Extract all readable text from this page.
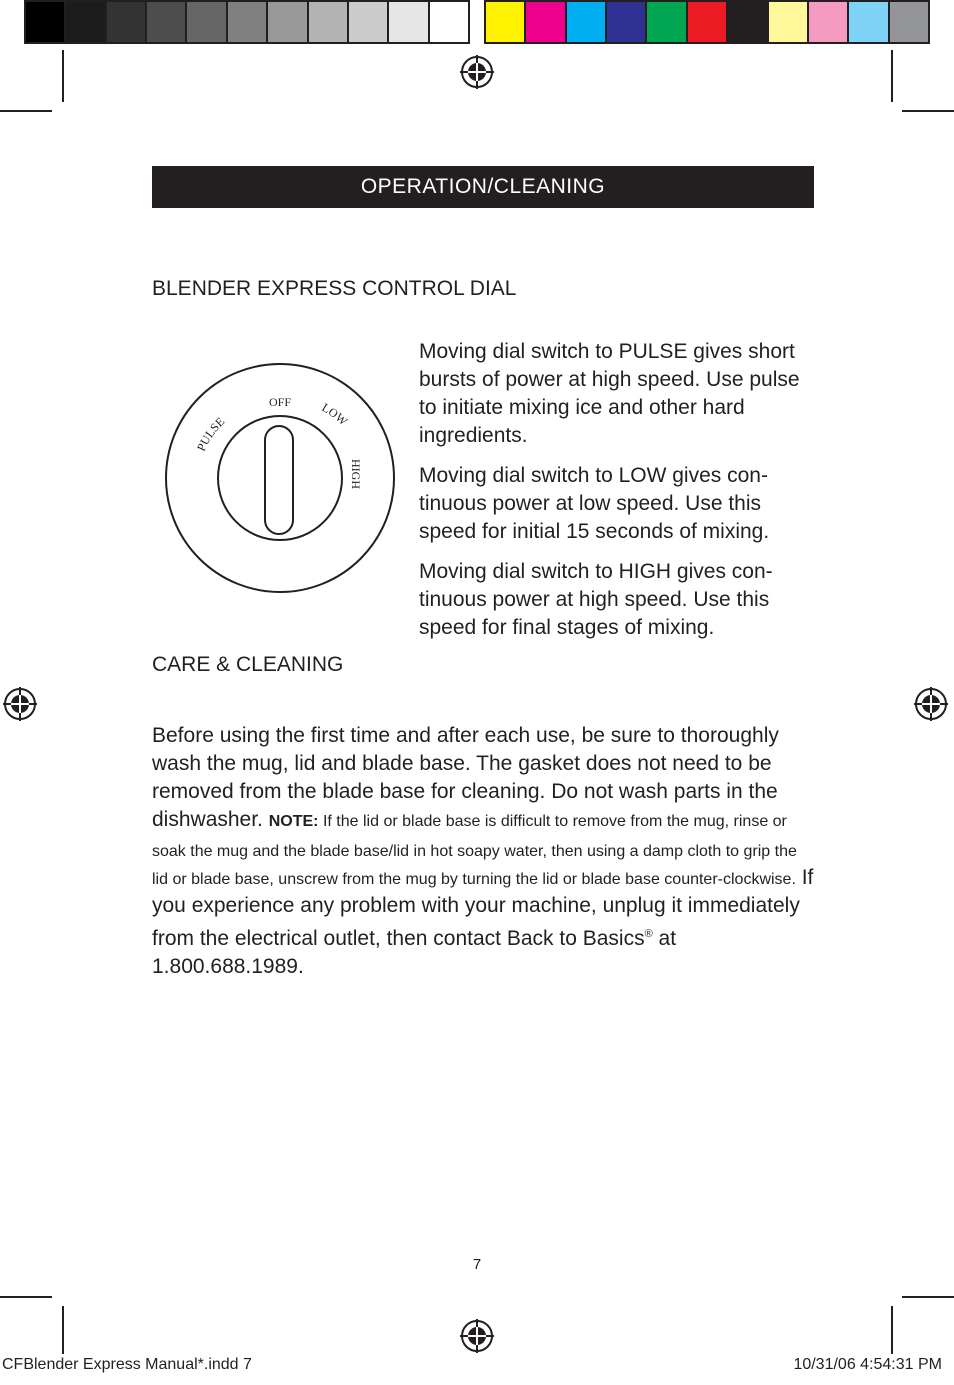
OPERATION/CLEANING
BLENDER EXPRESS CONTROL DIAL
OFF
PULSE
LOW
HIGH

Moving dial switch to PULSE gives short bursts of power at high speed. Use pulse to initiate mixing ice and other hard ingredients.

Moving dial switch to LOW gives con-tinuous power at low speed. Use this speed for initial 15 seconds of mixing.

Moving dial switch to HIGH gives con-tinuous power at high speed. Use this speed for final stages of mixing.

CARE & CLEANING

Before using the first time and after each use, be sure to thoroughly wash the mug, lid and blade base. The gasket does not need to be removed from the blade base for cleaning. Do not wash parts in the dishwasher. NOTE: If the lid or blade base is difficult to remove from the mug, rinse or soak the mug and the blade base/lid in hot soapy water, then using a damp cloth to grip the lid or blade base, unscrew from the mug by turning the lid or blade base counter-clockwise. If you experience any problem with your machine, unplug it immediately from the electrical outlet, then contact Back to Basics® at 1.800.688.1989.

7
CFBlender Express Manual*.indd 7	10/31/06 4:54:31 PM
